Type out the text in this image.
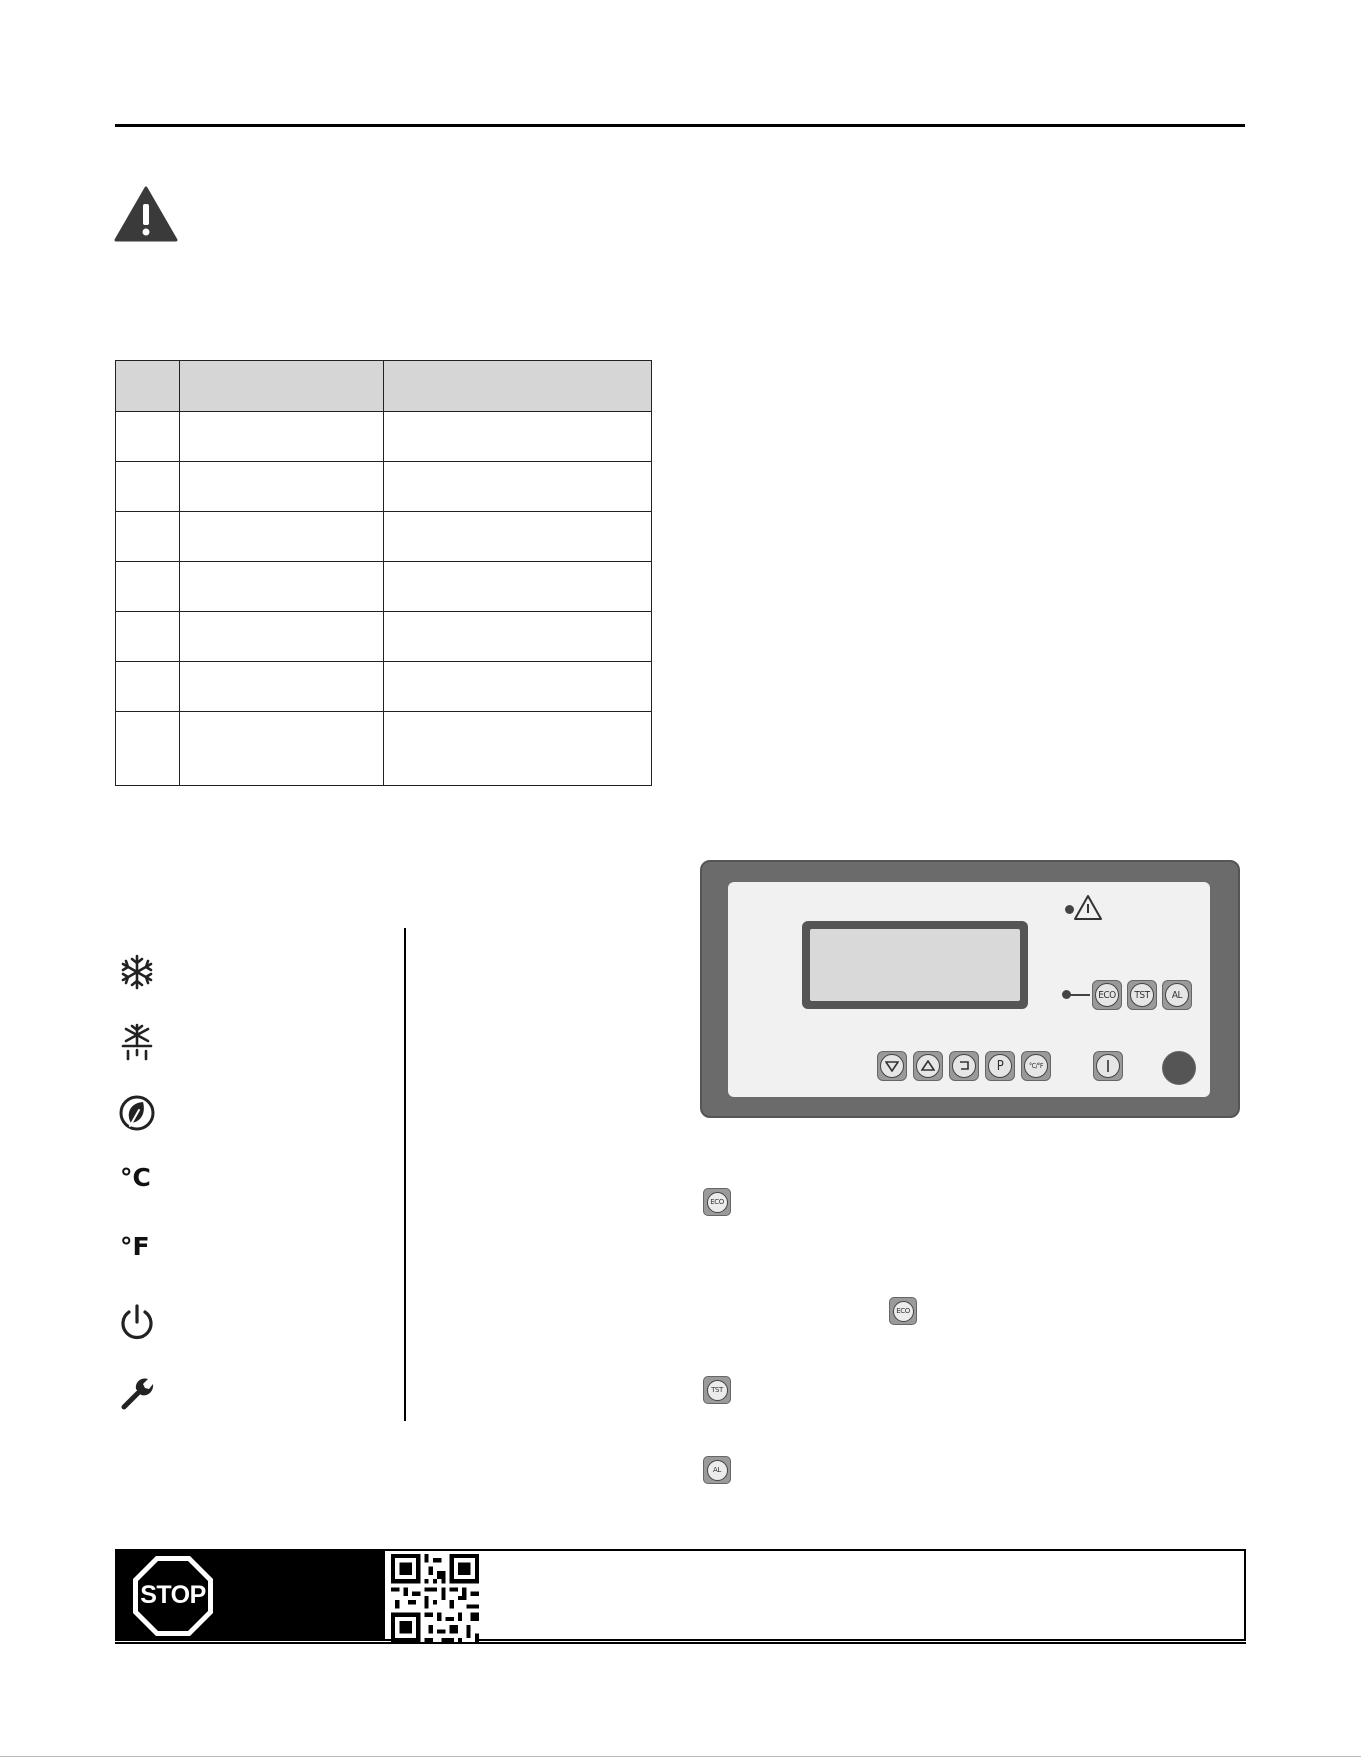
°C
°F
ECO	TST	AL
P	°C/°F
ECO
ECO
TST
AL
STOP
